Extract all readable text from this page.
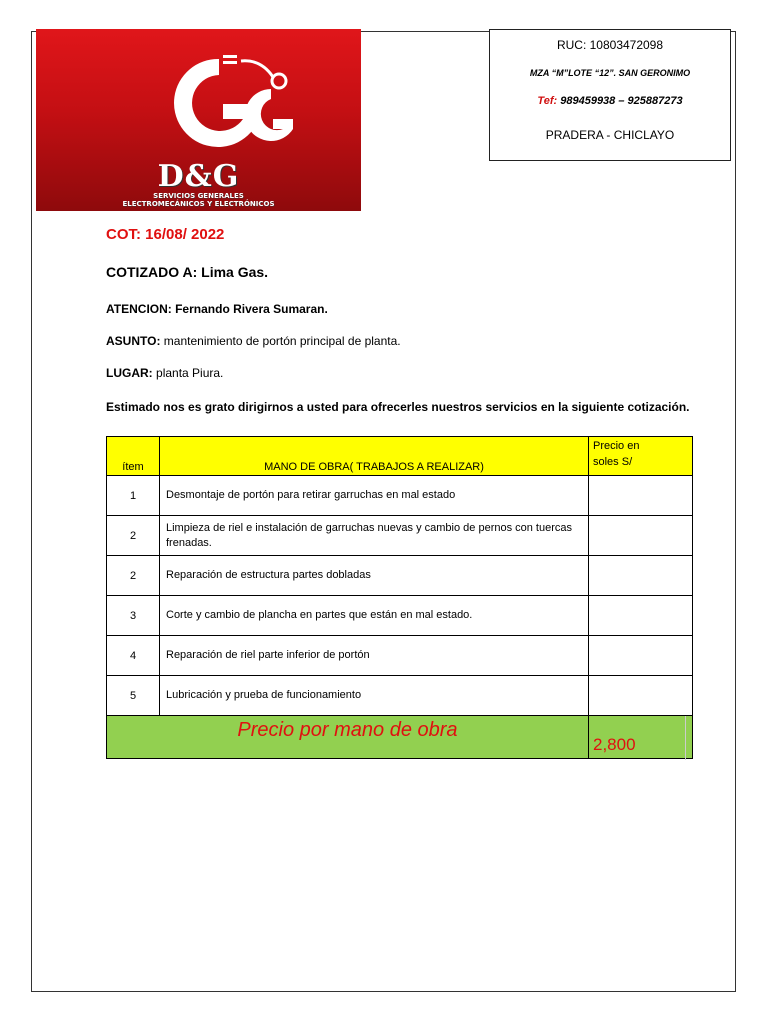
D&G
SERVICIOS GENERALES
ELECTROMECÁNICOS Y ELECTRÓNICOS
RUC: 10803472098
MZA “M”LOTE “12”. SAN GERONIMO
Tef: 989459938 – 925887273
PRADERA - CHICLAYO
COT: 16/08/ 2022
COTIZADO A: Lima Gas.
ATENCION: Fernando Rivera Sumaran.
ASUNTO: mantenimiento de portón principal de planta.
LUGAR: planta Piura.
Estimado nos es grato dirigirnos a usted para ofrecerles nuestros servicios en la siguiente cotización.
ítem	MANO DE OBRA( TRABAJOS A REALIZAR)	Precio en
soles S/

1	Desmontaje de portón para retirar garruchas en mal estado	
2	Limpieza de riel e instalación de garruchas nuevas y cambio de pernos con tuercas frenadas.	
2	Reparación de estructura partes dobladas	
3	Corte y cambio de plancha en partes que están en mal estado.	
4	Reparación de riel parte inferior de portón	
5	Lubricación y prueba de funcionamiento	
Precio por mano de obra		2,800
